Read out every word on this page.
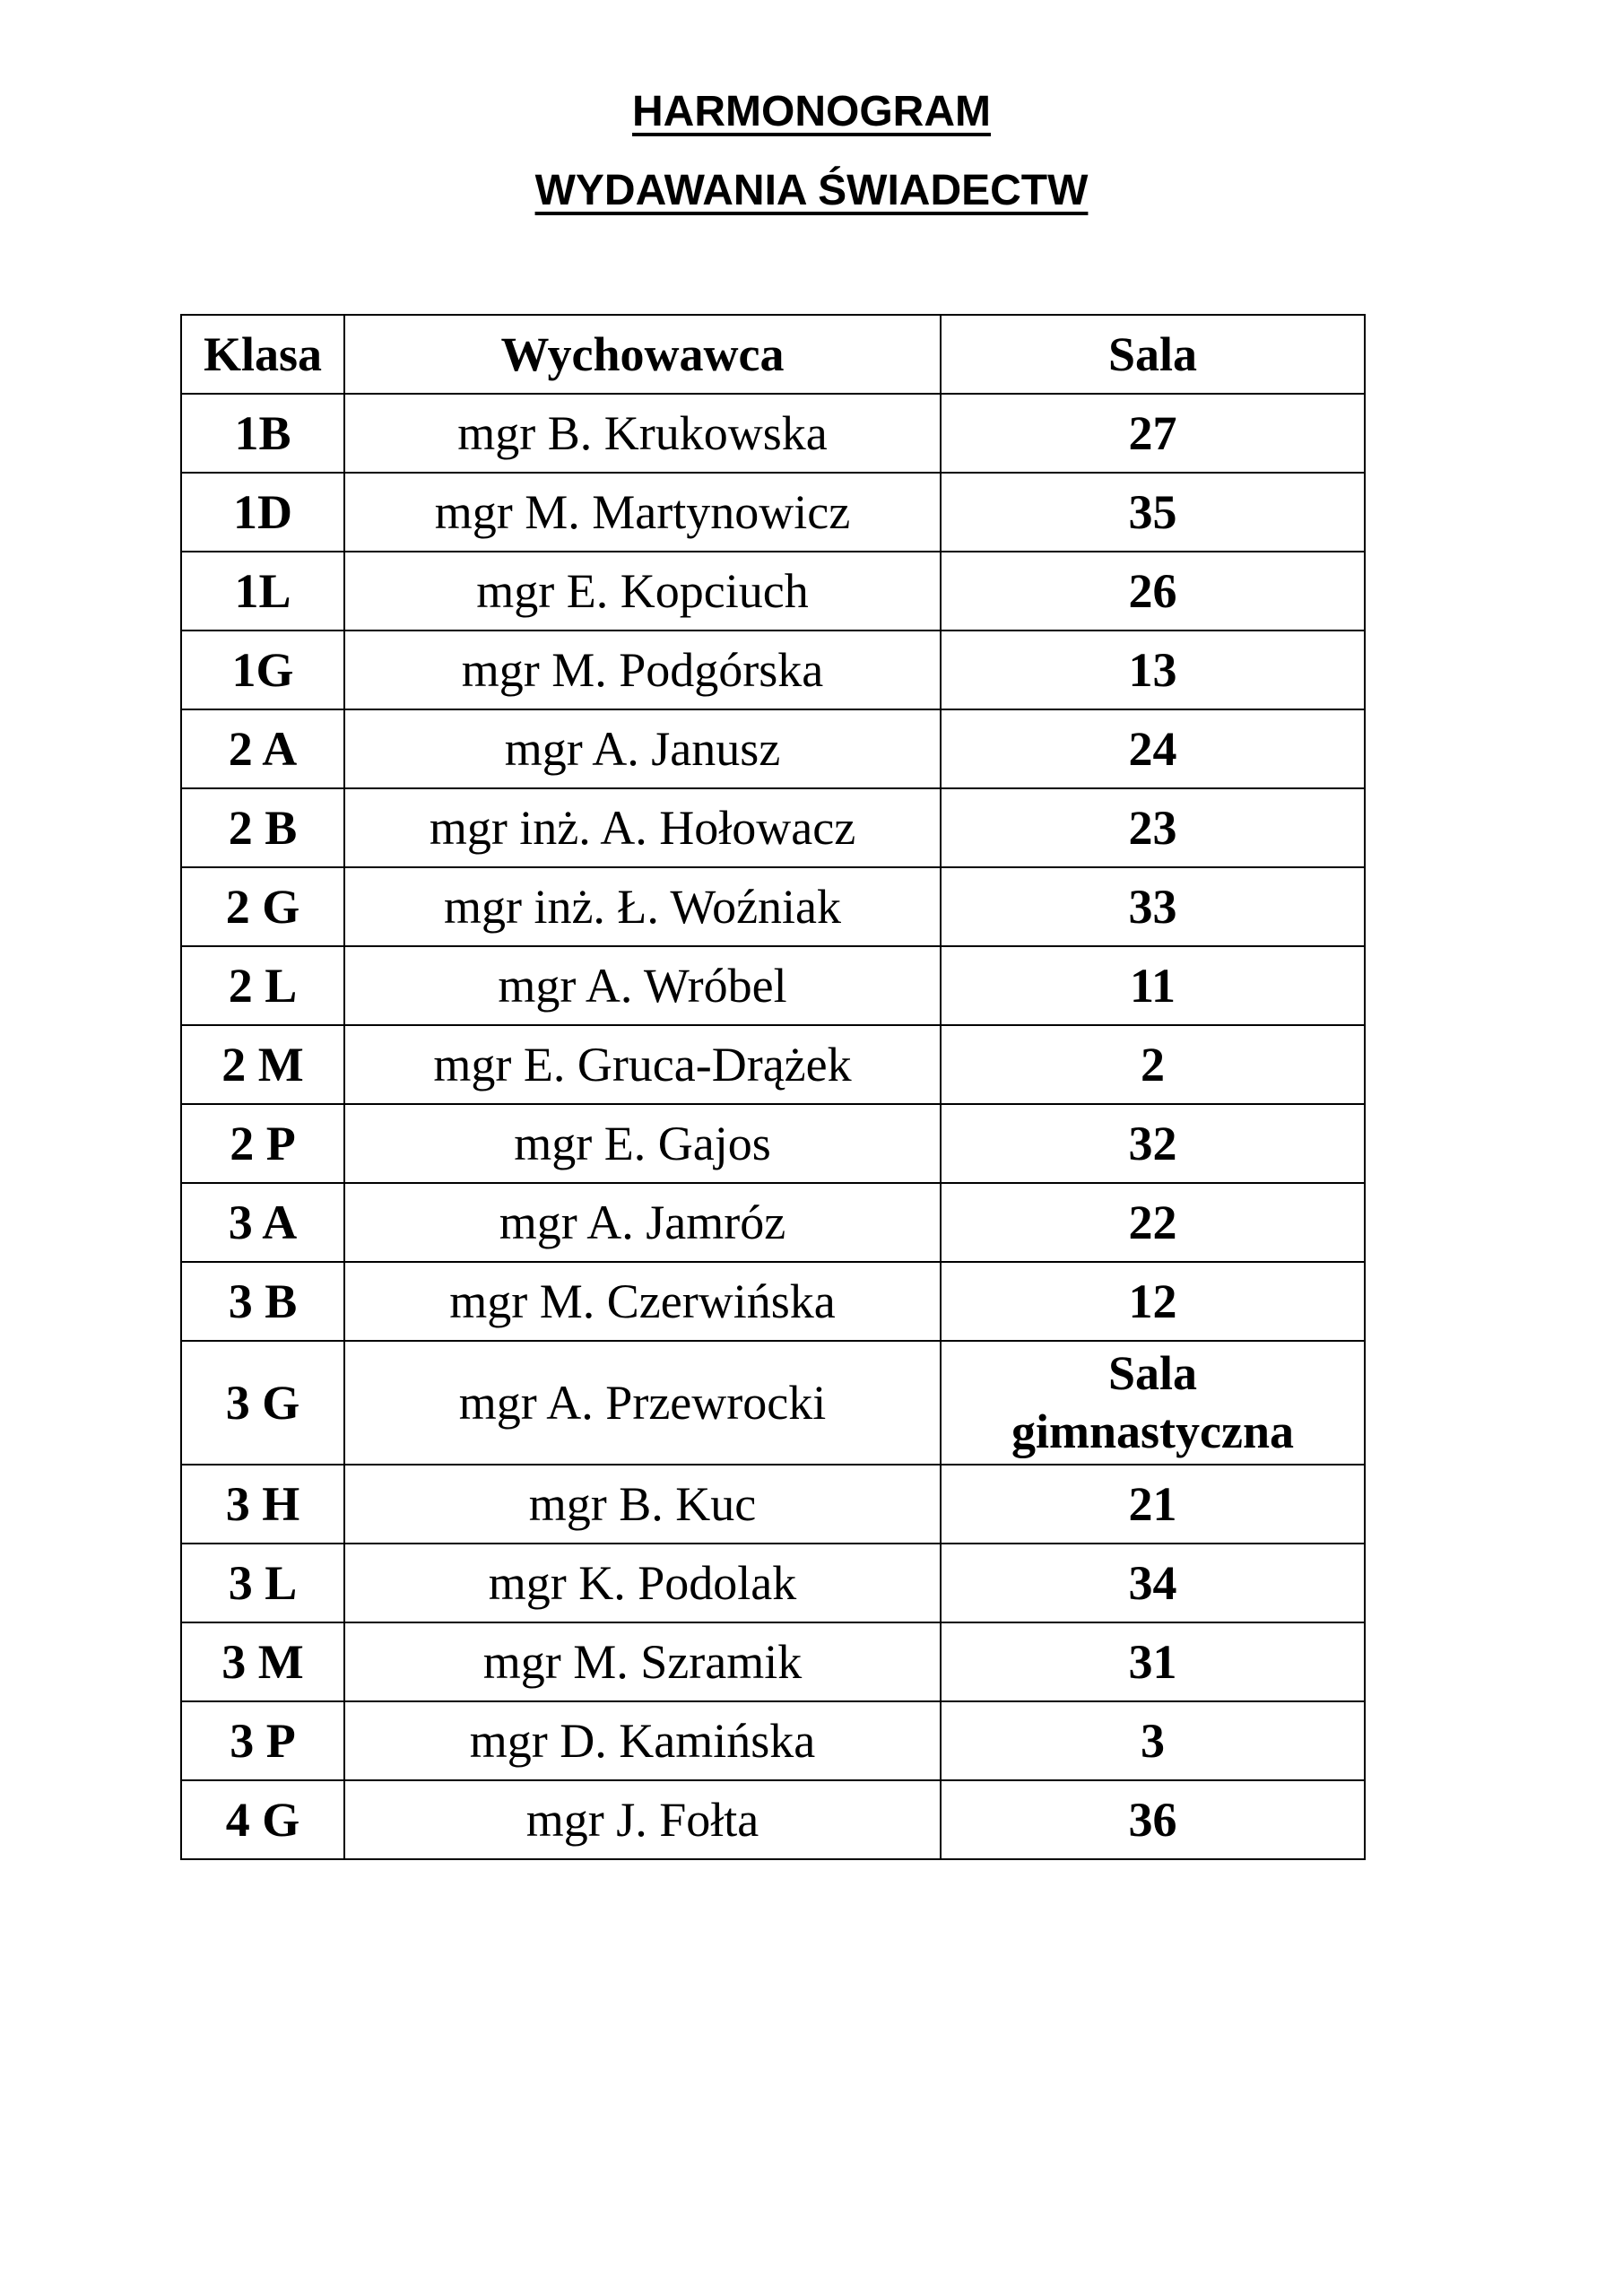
HARMONOGRAM
WYDAWANIA ŚWIADECTW
Klasa	Wychowawca	Sala
1B	mgr B. Krukowska	27
1D	mgr M. Martynowicz	35
1L	mgr E. Kopciuch	26
1G	mgr M. Podgórska	13
2 A	mgr A. Janusz	24
2 B	mgr inż. A. Hołowacz	23
2 G	mgr inż. Ł. Woźniak	33
2 L	mgr A. Wróbel	11
2 M	mgr E. Gruca-Drążek	2
2 P	mgr E. Gajos	32
3 A	mgr A. Jamróz	22
3 B	mgr M. Czerwińska	12
3 G	mgr A. Przewrocki	Sala
gimnastyczna

3 H	mgr B. Kuc	21
3 L	mgr K. Podolak	34
3 M	mgr M. Szramik	31
3 P	mgr D. Kamińska	3
4 G	mgr J. Fołta	36
